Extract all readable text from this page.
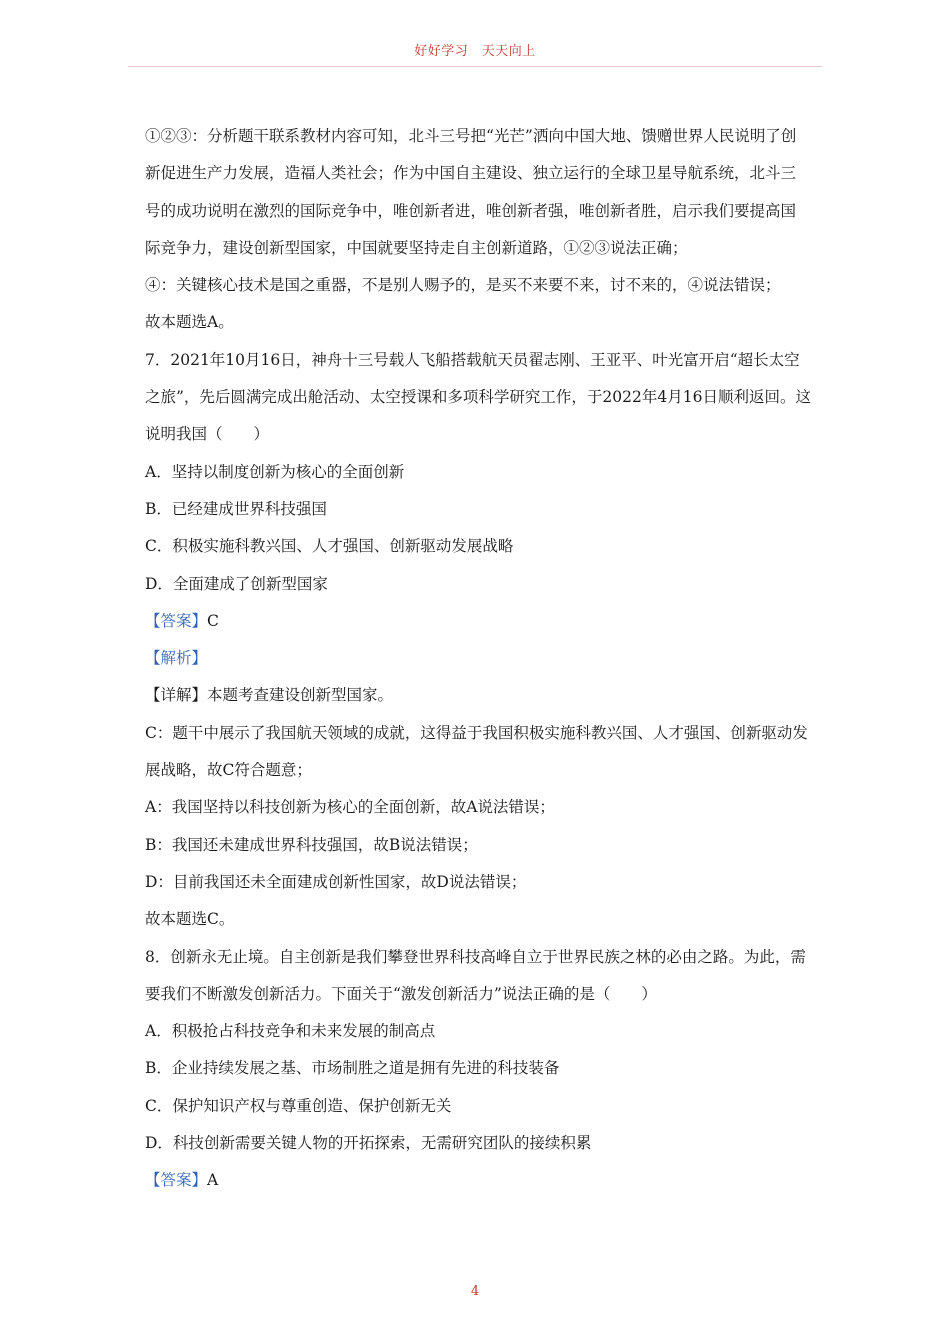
好好学习　天天向上

①②③：分析题干联系教材内容可知，北斗三号把“光芒”洒向中国大地、馈赠世界人民说明了创新促进生产力发展，造福人类社会；作为中国自主建设、独立运行的全球卫星导航系统，北斗三号的成功说明在激烈的国际竞争中，唯创新者进，唯创新者强，唯创新者胜，启示我们要提高国际竞争力，建设创新型国家，中国就要坚持走自主创新道路，①②③说法正确；

④：关键核心技术是国之重器，不是别人赐予的，是买不来要不来，讨不来的，④说法错误；

故本题选A。

7．2021年10月16日，神舟十三号载人飞船搭载航天员翟志刚、王亚平、叶光富开启“超长太空之旅”，先后圆满完成出舱活动、太空授课和多项科学研究工作，于2022年4月16日顺利返回。这说明我国（　　）

A．坚持以制度创新为核心的全面创新

B．已经建成世界科技强国

C．积极实施科教兴国、人才强国、创新驱动发展战略

D．全面建成了创新型国家

【答案】C

【解析】

【详解】本题考查建设创新型国家。

C：题干中展示了我国航天领域的成就，这得益于我国积极实施科教兴国、人才强国、创新驱动发展战略，故C符合题意；

A：我国坚持以科技创新为核心的全面创新，故A说法错误；

B：我国还未建成世界科技强国，故B说法错误；

D：目前我国还未全面建成创新性国家，故D说法错误；

故本题选C。

8．创新永无止境。自主创新是我们攀登世界科技高峰自立于世界民族之林的必由之路。为此，需要我们不断激发创新活力。下面关于“激发创新活力”说法正确的是（　　）

A．积极抢占科技竞争和未来发展的制高点

B．企业持续发展之基、市场制胜之道是拥有先进的科技装备

C．保护知识产权与尊重创造、保护创新无关

D．科技创新需要关键人物的开拓探索，无需研究团队的接续积累

【答案】A

4
